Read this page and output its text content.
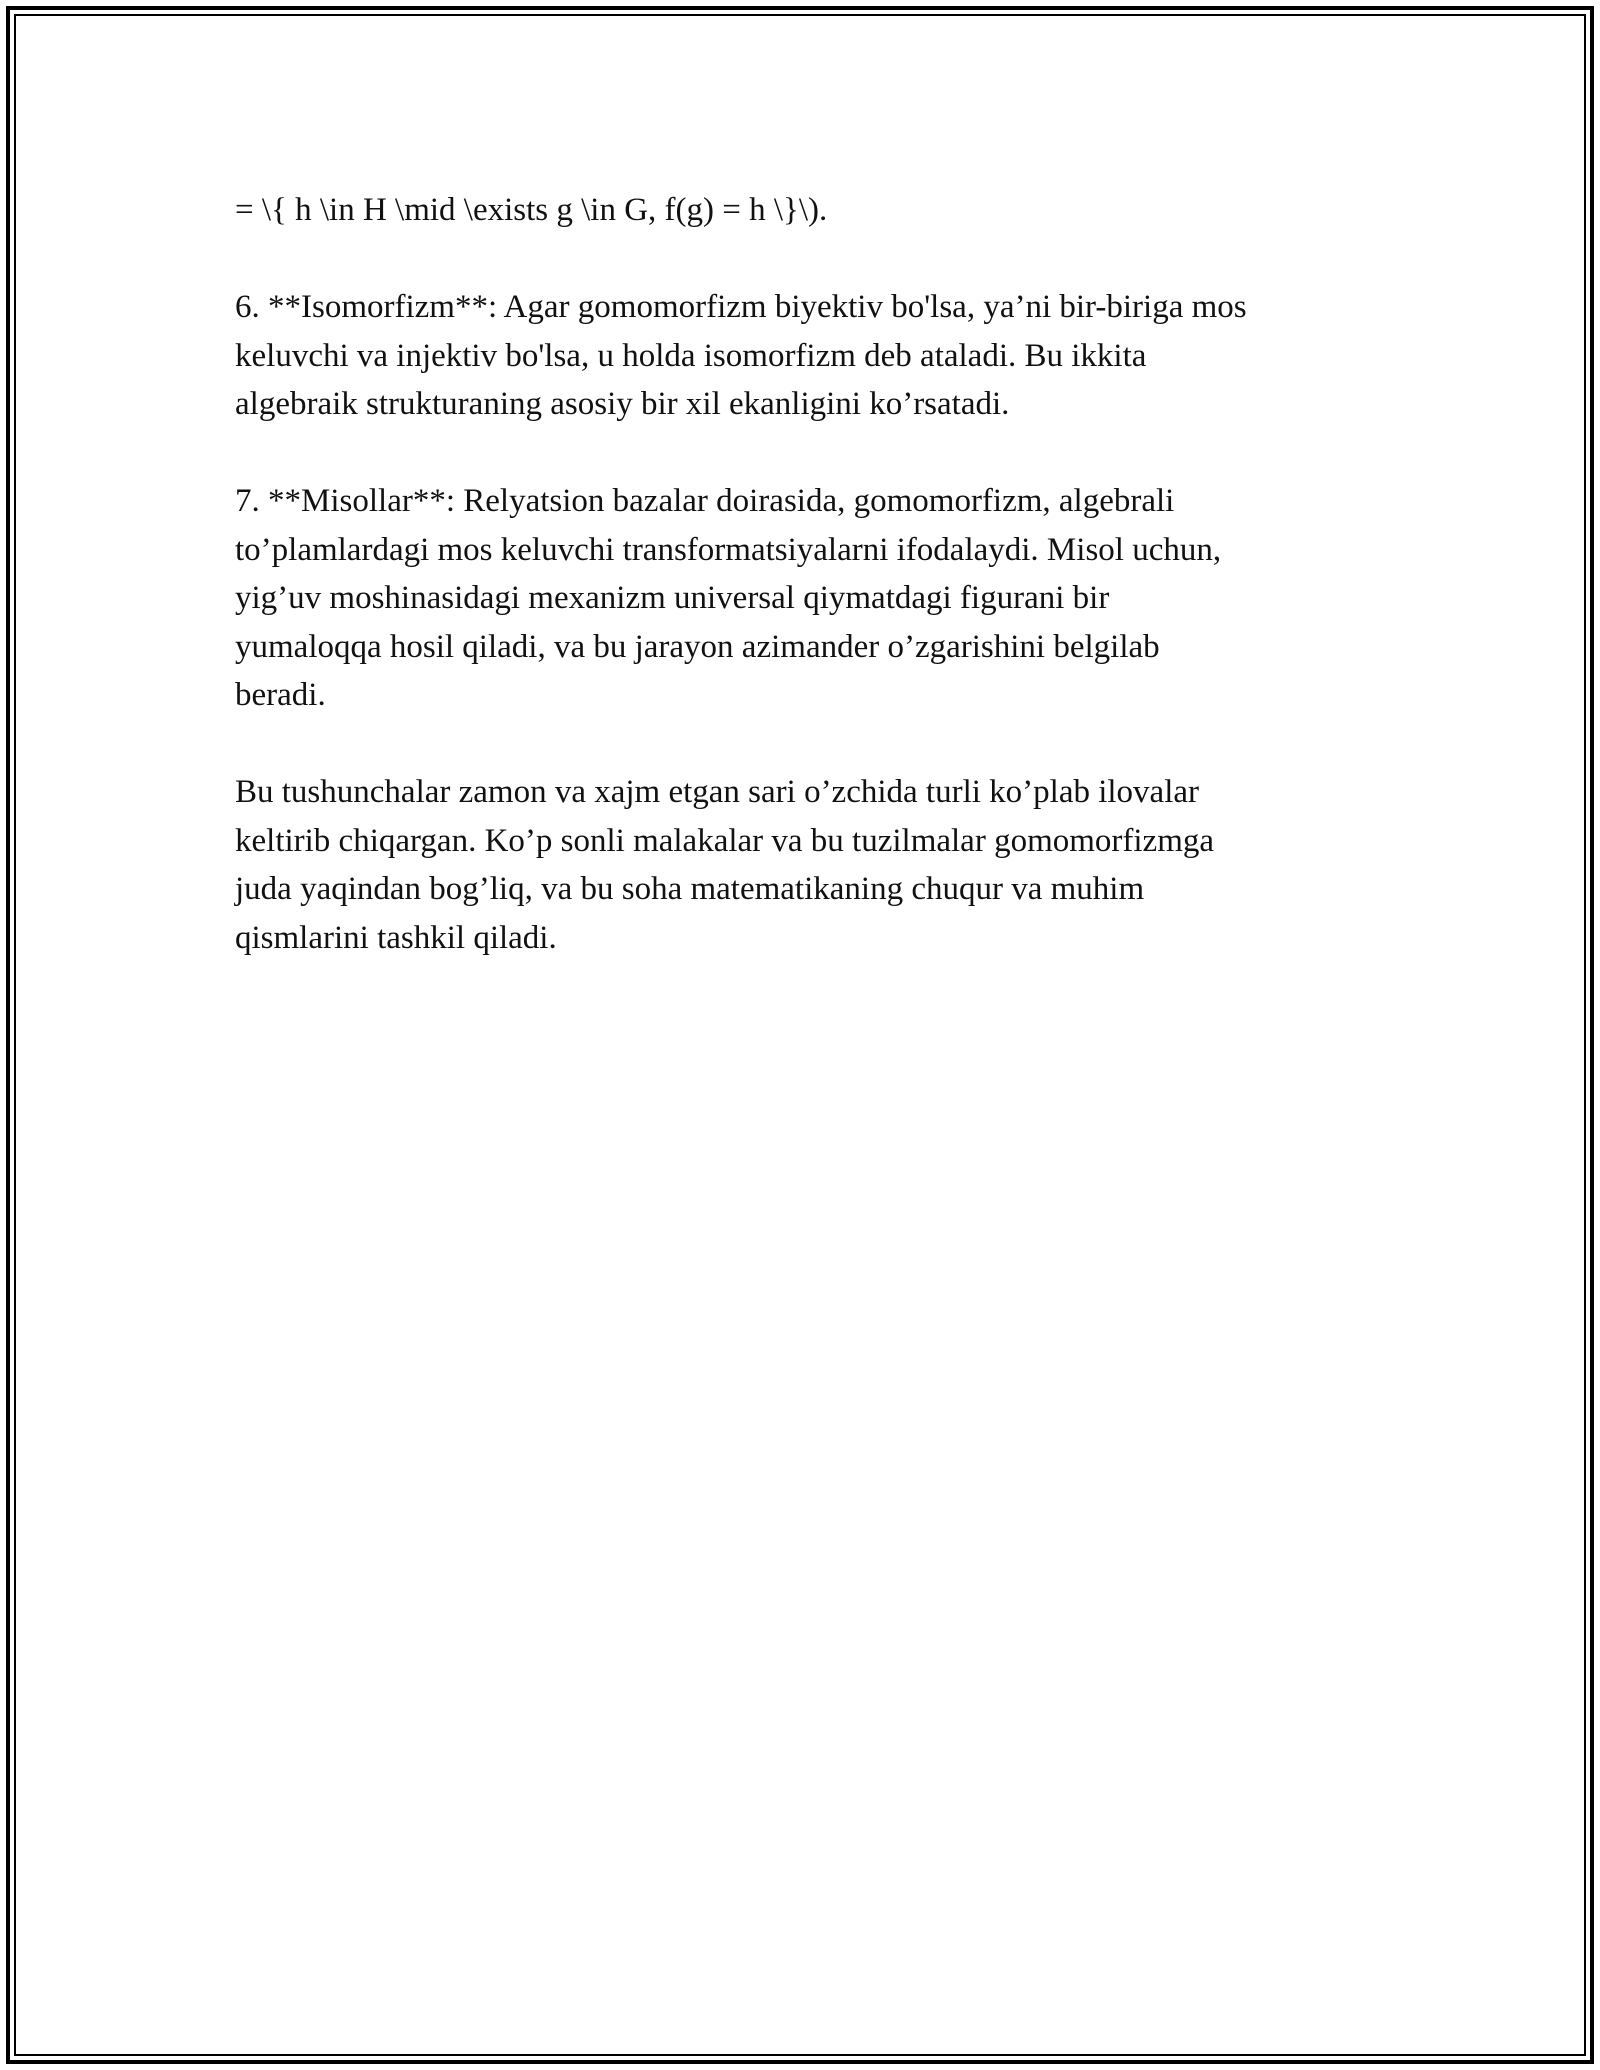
= \{ h \in H \mid \exists g \in G, f(g) = h \}\).

6. **Isomorfizm**: Agar gomomorfizm biyektiv bo'lsa, ya’ni bir-biriga mos
keluvchi va injektiv bo'lsa, u holda isomorfizm deb ataladi. Bu ikkita
algebraik strukturaning asosiy bir xil ekanligini ko’rsatadi.

7. **Misollar**: Relyatsion bazalar doirasida, gomomorfizm, algebrali
to’plamlardagi mos keluvchi transformatsiyalarni ifodalaydi. Misol uchun,
yig’uv moshinasidagi mexanizm universal qiymatdagi figurani bir
yumaloqqa hosil qiladi, va bu jarayon azimander o’zgarishini belgilab
beradi.

Bu tushunchalar zamon va xajm etgan sari o’zchida turli ko’plab ilovalar
keltirib chiqargan. Ko’p sonli malakalar va bu tuzilmalar gomomorfizmga
juda yaqindan bog’liq, va bu soha matematikaning chuqur va muhim
qismlarini tashkil qiladi.
